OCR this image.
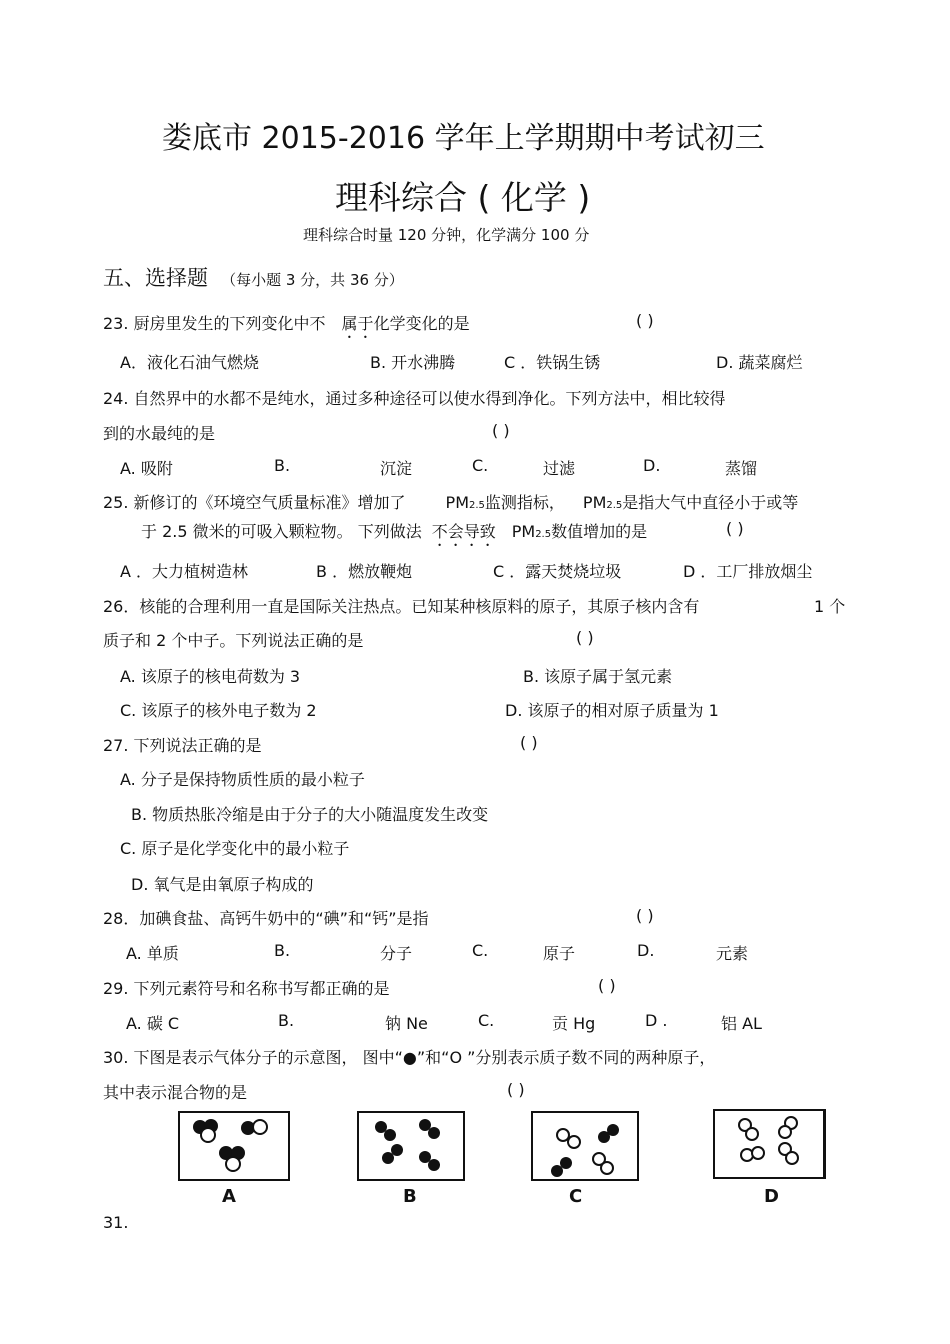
娄底市 2015-2016 学年上学期期中考试初三
理科综合 ( 化学 )
理科综合时量 120 分钟，化学满分 100 分
五、选择题 （每小题 3 分，共 36 分）
23. 厨房里发生的下列变化中不 属于化学变化的是	( )
A．液化石油气燃烧	B. 开水沸腾	C ．铁锅生锈	D. 蔬菜腐烂
24. 自然界中的水都不是纯水，通过多种途径可以使水得到净化。下列方法中，相比较得
到的水最纯的是	( )
A. 吸附	B.	沉淀	C.	过滤	D.	蒸馏
25. 新修订的《环境空气质量标准》增加了	PM2.5监测指标， PM2.5是指大气中直径小于或等
于 2.5 微米的可吸入颗粒物。 下列做法 不会导致 PM2.5数值增加的是	( )
A ．大力植树造林	B ．燃放鞭炮	C ．露天焚烧垃圾	D ．工厂排放烟尘
26．核能的合理利用一直是国际关注热点。已知某种核原料的原子，其原子核内含有	1 个
质子和 2 个中子。下列说法正确的是	( )
A. 该原子的核电荷数为 3	B. 该原子属于氢元素
C. 该原子的核外电子数为 2	D. 该原子的相对原子质量为 1
27. 下列说法正确的是	( )
A. 分子是保持物质性质的最小粒子
B. 物质热胀冷缩是由于分子的大小随温度发生改变
C. 原子是化学变化中的最小粒子
D. 氧气是由氧原子构成的
28．加碘食盐、高钙牛奶中的“碘”和“钙”是指	( )
A. 单质	B.	分子	C.	原子	D.	元素
29. 下列元素符号和名称书写都正确的是	( )
A. 碳 C	B.	钠 Ne	C.	贡 Hg	D .	铝 AL
30. 下图是表示气体分子的示意图， 图中“●”和“O ”分别表示质子数不同的两种原子，
其中表示混合物的是	( )
A	B	C	D
31.
